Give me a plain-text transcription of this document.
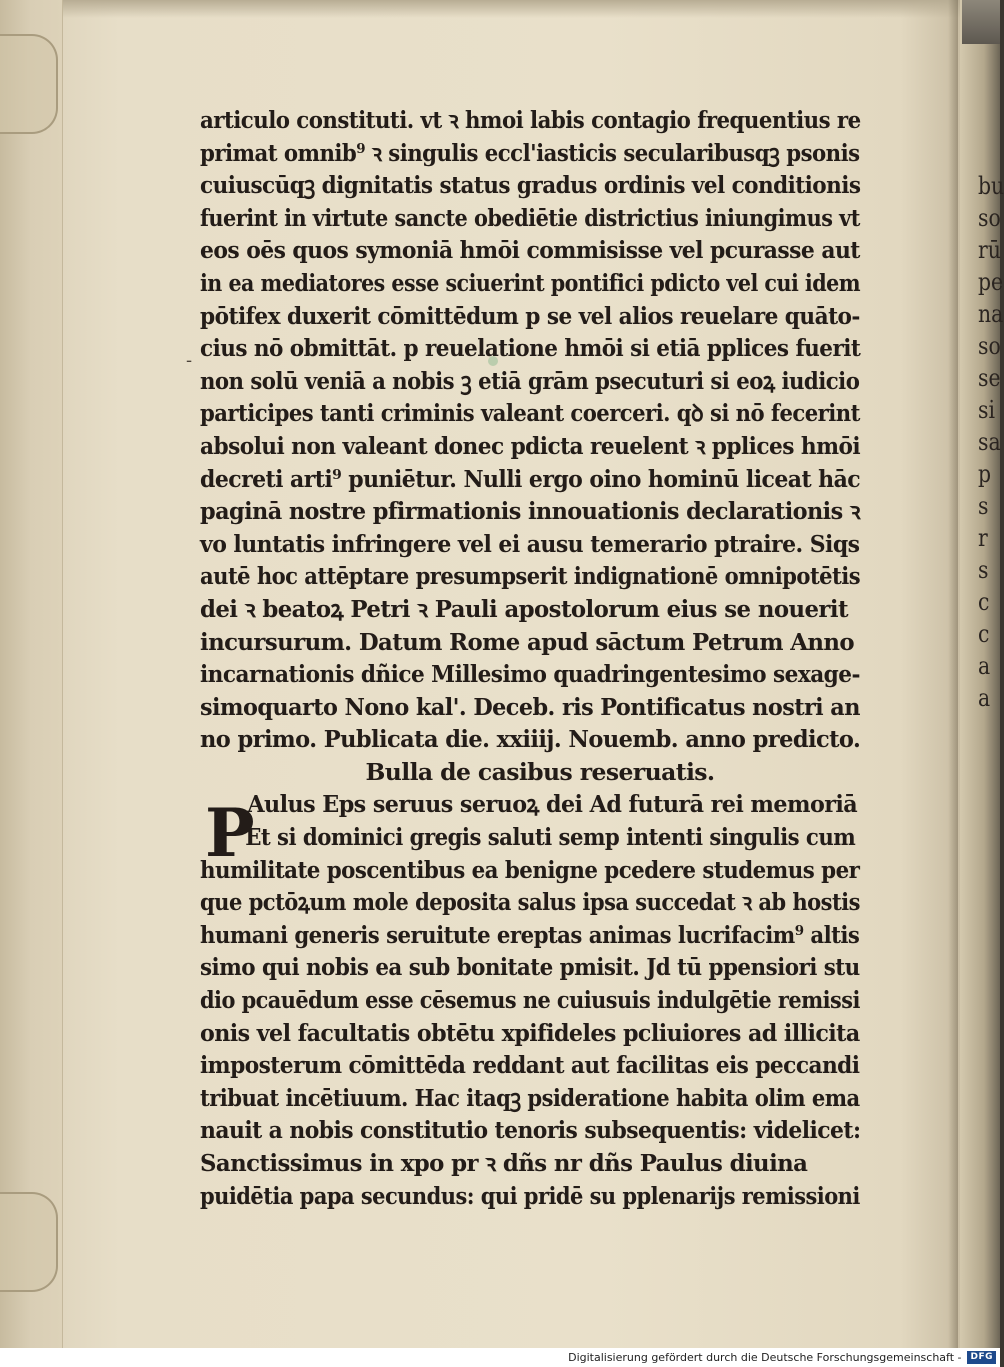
-
articulo constituti. vt ꝛ hmoi labis contagio frequentius re
primat omnib⁹ ꝛ singulis eccl'iasticis secularibusqꝫ psonis
cuiuscūqꝫ dignitatis status gradus ordinis vel conditionis
fuerint in virtute sancte obediētie districtius iniungimus vt
eos oēs quos symoniā hmōi commisisse vel pcurasse aut
in ea mediatores esse sciuerint pontifici pdicto vel cui idem
pōtifex duxerit cōmittēdum p se vel alios reuelare quāto-
cius nō obmittāt. p reuelatione hmōi si etiā pplices fuerit
non solū veniā a nobis ꝫ etiā grām psecuturi si eoꝝ iudicio
participes tanti criminis valeant coerceri. qꝺ si nō fecerint
absolui non valeant donec pdicta reuelent ꝛ pplices hmōi
decreti arti⁹ puniētur. Nulli ergo oino hominū liceat hāc
paginā nostre pfirmationis innouationis declarationis ꝛ
vo luntatis infringere vel ei ausu temerario ptraire. Siqs
autē hoc attēptare presumpserit indignationē omnipotētis
dei ꝛ beatoꝝ Petri ꝛ Pauli apostolorum eius se nouerit
incursurum. Datum Rome apud sāctum Petrum Anno
incarnationis dñice Millesimo quadringentesimo sexage-
simoquarto Nono kal'. Deceb. ris Pontificatus nostri an
no primo. Publicata die. xxiiij. Nouemb. anno predicto.
Bulla de casibus reseruatis.
Aulus Eps seruus seruoꝝ dei Ad futurā rei memoriā
Et si dominici gregis saluti semp intenti singulis cum
humilitate poscentibus ea benigne pcedere studemus per
que pctōꝝum mole deposita salus ipsa succedat ꝛ ab hostis
humani generis seruitute ereptas animas lucrifacim⁹ altis
simo qui nobis ea sub bonitate pmisit. Jd tū ppensiori stu
dio pcauēdum esse cēsemus ne cuiusuis indulgētie remissi
onis vel facultatis obtētu xpifideles pcliuiores ad illicita
imposterum cōmittēda reddant aut facilitas eis peccandi
tribuat incētiuum. Hac itaqꝫ psideratione habita olim ema
nauit a nobis constitutio tenoris subsequentis: videlicet:
Sanctissimus in xpo pr ꝛ dñs nr dñs Paulus diuina
puidētia papa secundus: qui pridē su pplenarijs remissioni
P
bu
so
rū
pe
na
so
se
si
sa
p
s
r
s
c
c
a
a
Digitalisierung gefördert durch die Deutsche Forschungsgemeinschaft -	DFG
